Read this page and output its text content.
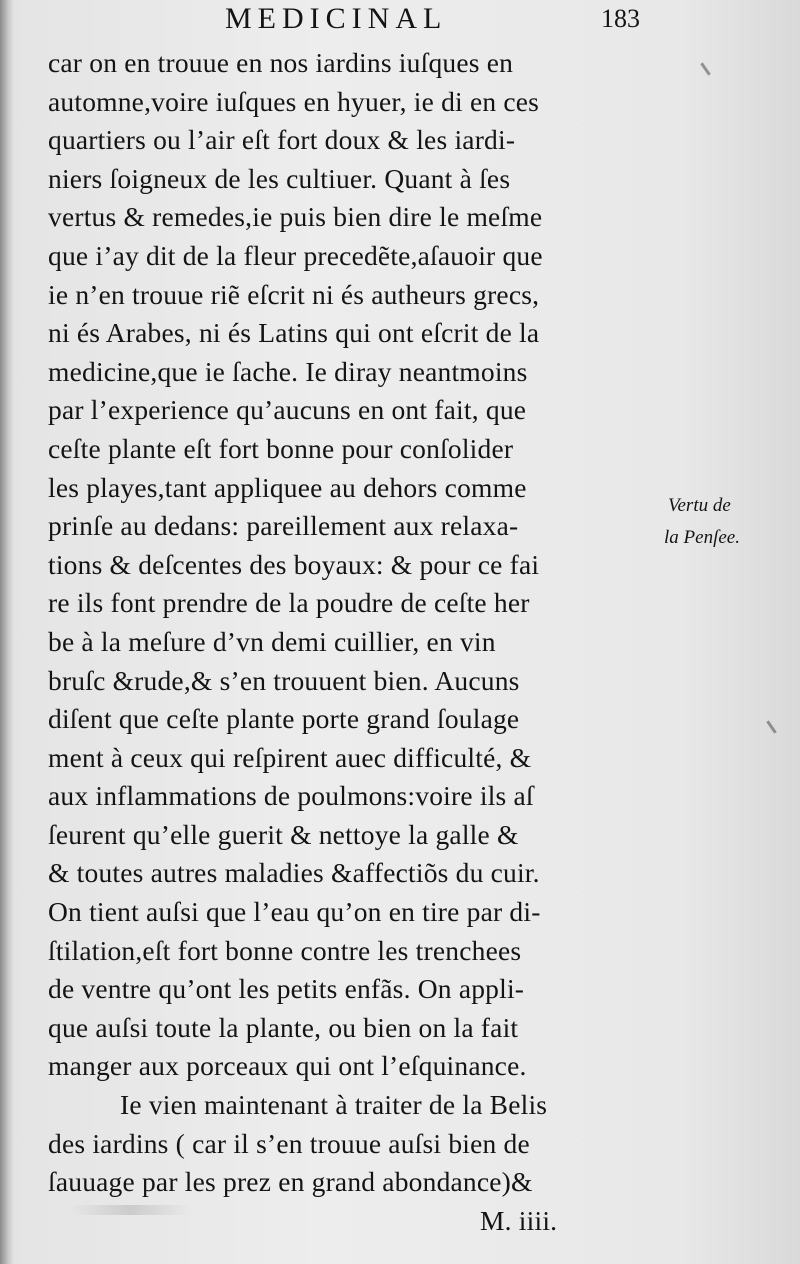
MEDICINAL	183
car on en trouue en nos iardins iuſques en
automne,voire iuſques en hyuer, ie di en ces
quartiers ou l’air eſt fort doux & les iardi-
niers ſoigneux de les cultiuer. Quant à ſes
vertus & remedes,ie puis bien dire le meſme
que i’ay dit de la fleur precedẽte,aſauoir que
ie n’en trouue riẽ eſcrit ni és autheurs grecs,
ni és Arabes, ni és Latins qui ont eſcrit de la
medicine,que ie ſache. Ie diray neantmoins
par l’experience qu’aucuns en ont fait, que
ceſte plante eſt fort bonne pour conſolider
les playes,tant appliquee au dehors comme
prinſe au dedans: pareillement aux relaxa-
tions & deſcentes des boyaux: & pour ce fai
re ils font prendre de la poudre de ceſte her
be à la meſure d’vn demi cuillier, en vin
bruſc &rude,& s’en trouuent bien. Aucuns
diſent que ceſte plante porte grand ſoulage
ment à ceux qui reſpirent auec difficulté, &
aux inflammations de poulmons:voire ils aſ
ſeurent qu’elle guerit & nettoye la galle &
& toutes autres maladies &affectiõs du cuir.
On tient auſsi que l’eau qu’on en tire par di-
ſtilation,eſt fort bonne contre les trenchees
de ventre qu’ont les petits enfãs. On appli-
que auſsi toute la plante, ou bien on la fait
manger aux porceaux qui ont l’eſquinance.
Ie vien maintenant à traiter de la Belis
des iardins ( car il s’en trouue auſsi bien de
ſauuage par les prez en grand abondance)&
M. iiii.
Vertu de
la Penſee.
